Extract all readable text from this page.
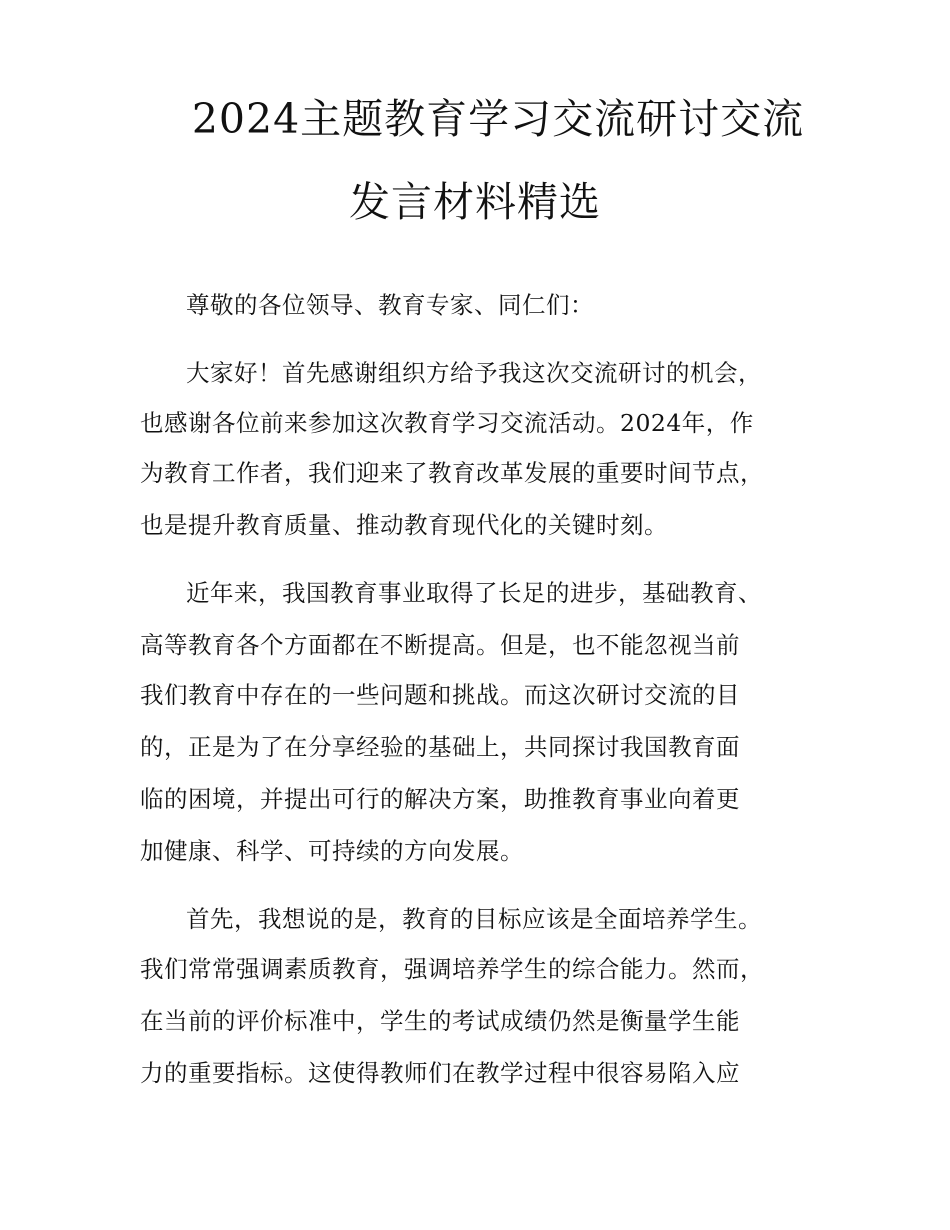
2024主题教育学习交流研讨交流
发言材料精选
尊敬的各位领导、教育专家、同仁们：
大家好！首先感谢组织方给予我这次交流研讨的机会，
也感谢各位前来参加这次教育学习交流活动。2024年，作
为教育工作者，我们迎来了教育改革发展的重要时间节点，
也是提升教育质量、推动教育现代化的关键时刻。
近年来，我国教育事业取得了长足的进步，基础教育、
高等教育各个方面都在不断提高。但是，也不能忽视当前
我们教育中存在的一些问题和挑战。而这次研讨交流的目
的，正是为了在分享经验的基础上，共同探讨我国教育面
临的困境，并提出可行的解决方案，助推教育事业向着更
加健康、科学、可持续的方向发展。
首先，我想说的是，教育的目标应该是全面培养学生。
我们常常强调素质教育，强调培养学生的综合能力。然而，
在当前的评价标准中，学生的考试成绩仍然是衡量学生能
力的重要指标。这使得教师们在教学过程中很容易陷入应
